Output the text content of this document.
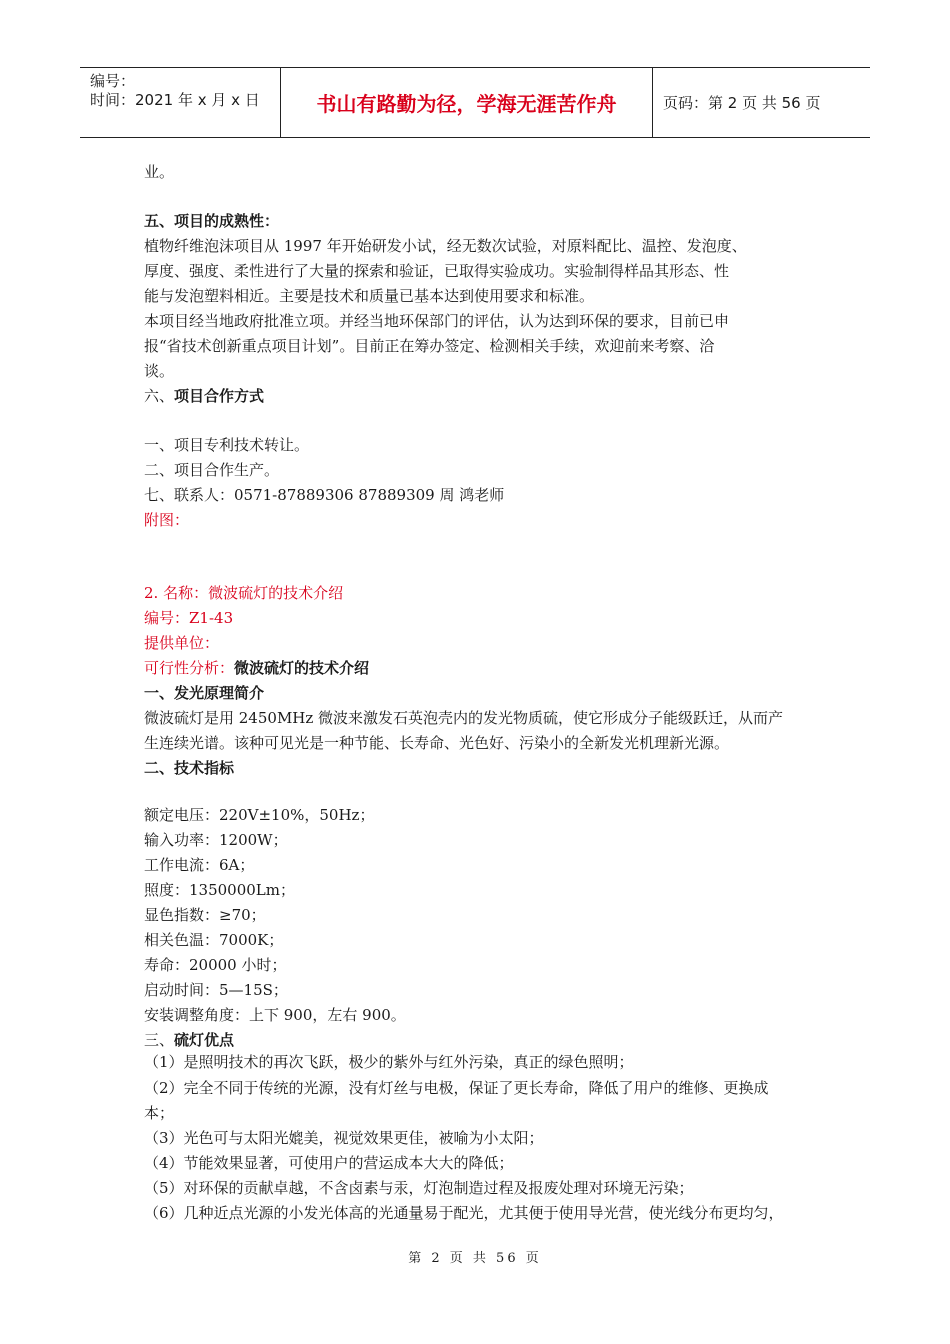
编号：
时间：2021 年 x 月 x 日	书山有路勤为径，学海无涯苦作舟	页码：第 2 页 共 56 页
业。
五、项目的成熟性：
植物纤维泡沫项目从 1997 年开始研发小试，经无数次试验，对原料配比、温控、发泡度、
厚度、强度、柔性进行了大量的探索和验证，已取得实验成功。实验制得样品其形态、性
能与发泡塑料相近。主要是技术和质量已基本达到使用要求和标准。
本项目经当地政府批准立项。并经当地环保部门的评估，认为达到环保的要求，目前已申
报“省技术创新重点项目计划”。目前正在筹办签定、检测相关手续，欢迎前来考察、洽
谈。
六、项目合作方式
一、项目专利技术转让。
二、项目合作生产。
七、联系人：0571-87889306 87889309 周 鸿老师
附图：
2. 名称：微波硫灯的技术介绍
编号：Z1-43
提供单位：
可行性分析：微波硫灯的技术介绍
一、发光原理简介
微波硫灯是用 2450MHz 微波来激发石英泡壳内的发光物质硫，使它形成分子能级跃迁，从而产
生连续光谱。该种可见光是一种节能、长寿命、光色好、污染小的全新发光机理新光源。
二、技术指标
额定电压：220V±10%，50Hz；
输入功率：1200W；
工作电流：6A；
照度：1350000Lm；
显色指数：≥70；
相关色温：7000K；
寿命：20000 小时；
启动时间：5—15S；
安装调整角度：上下 900，左右 900。
三、硫灯优点
（1）是照明技术的再次飞跃，极少的紫外与红外污染，真正的绿色照明；
（2）完全不同于传统的光源，没有灯丝与电极，保证了更长寿命，降低了用户的维修、更换成
本；
（3）光色可与太阳光媲美，视觉效果更佳，被喻为小太阳；
（4）节能效果显著，可使用户的营运成本大大的降低；
（5）对环保的贡献卓越，不含卤素与汞，灯泡制造过程及报废处理对环境无污染；
（6）几种近点光源的小发光体高的光通量易于配光，尤其便于使用导光营，使光线分布更均匀，
第 2 页 共 56 页
